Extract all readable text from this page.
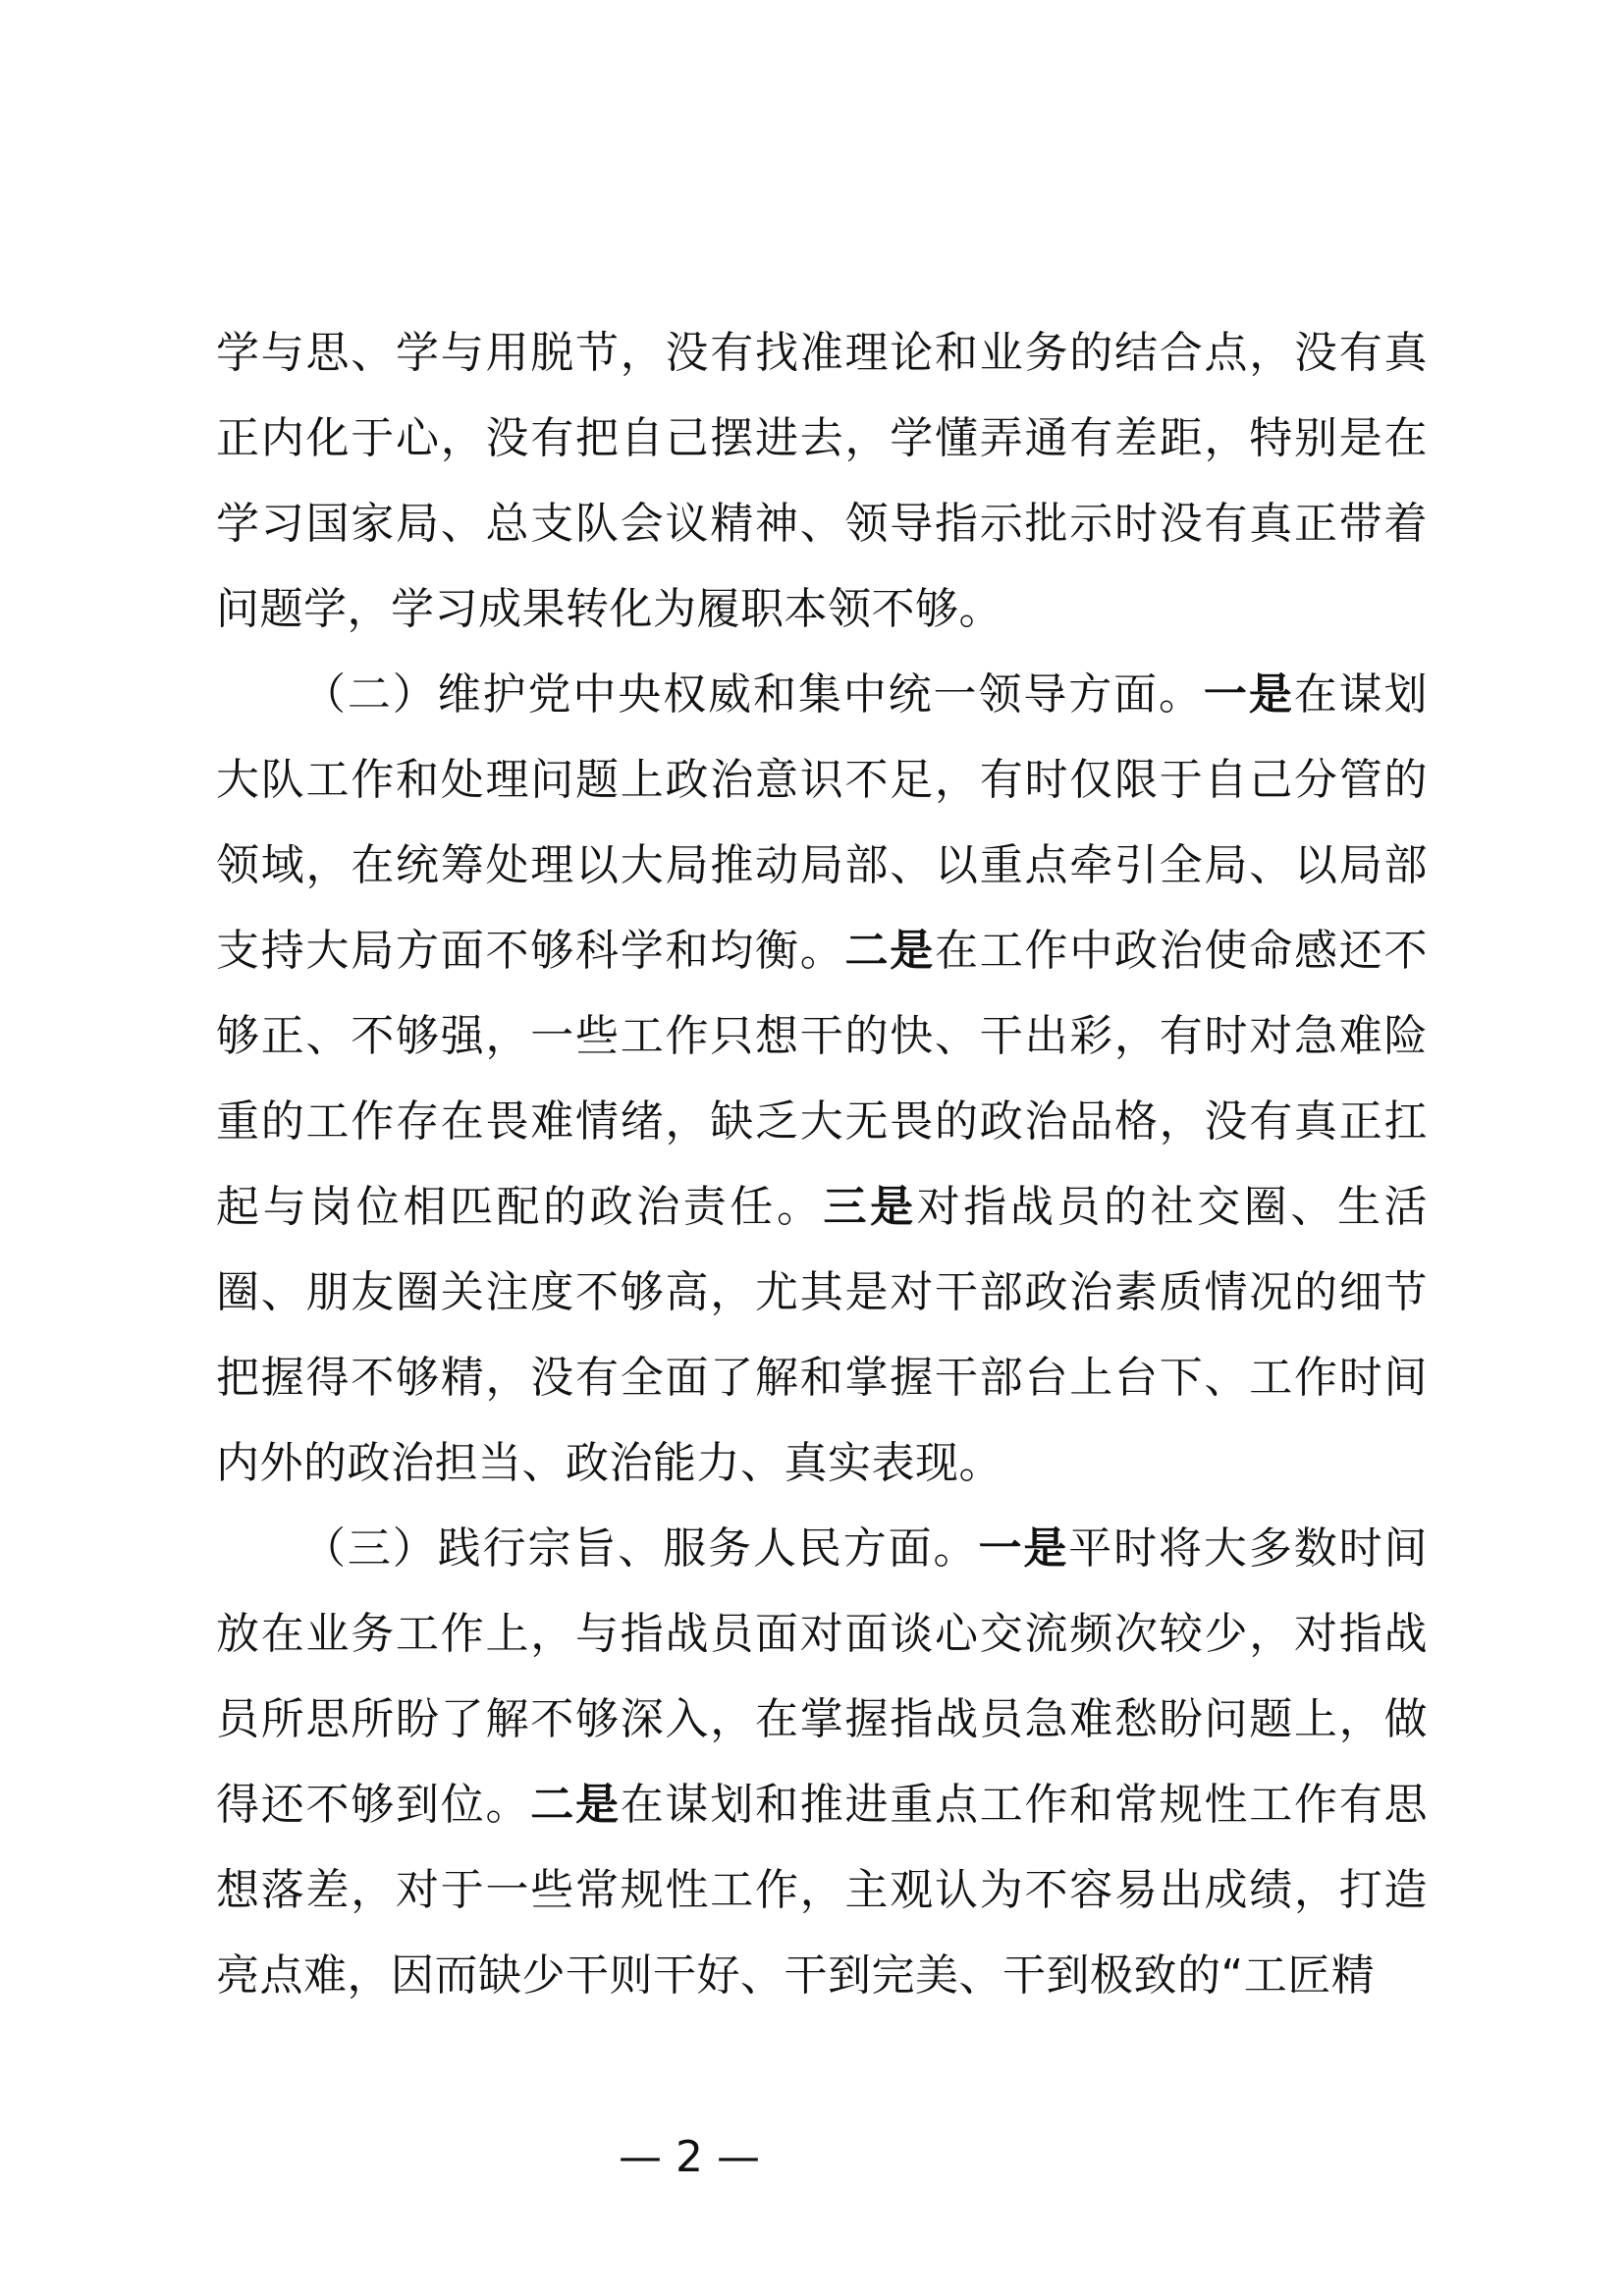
学与思、学与用脱节，没有找准理论和业务的结合点，没有真正内化于心，没有把自己摆进去，学懂弄通有差距，特别是在学习国家局、总支队会议精神、领导指示批示时没有真正带着问题学，学习成果转化为履职本领不够。

（二）维护党中央权威和集中统一领导方面。一是在谋划大队工作和处理问题上政治意识不足，有时仅限于自己分管的领域，在统筹处理以大局推动局部、以重点牵引全局、以局部支持大局方面不够科学和均衡。二是在工作中政治使命感还不够正、不够强，一些工作只想干的快、干出彩，有时对急难险重的工作存在畏难情绪，缺乏大无畏的政治品格，没有真正扛起与岗位相匹配的政治责任。三是对指战员的社交圈、生活圈、朋友圈关注度不够高，尤其是对干部政治素质情况的细节把握得不够精，没有全面了解和掌握干部台上台下、工作时间内外的政治担当、政治能力、真实表现。

（三）践行宗旨、服务人民方面。一是平时将大多数时间放在业务工作上，与指战员面对面谈心交流频次较少，对指战员所思所盼了解不够深入，在掌握指战员急难愁盼问题上，做得还不够到位。二是在谋划和推进重点工作和常规性工作有思想落差，对于一些常规性工作，主观认为不容易出成绩，打造亮点难，因而缺少干则干好、干到完美、干到极致的“工匠精

— 2 —
